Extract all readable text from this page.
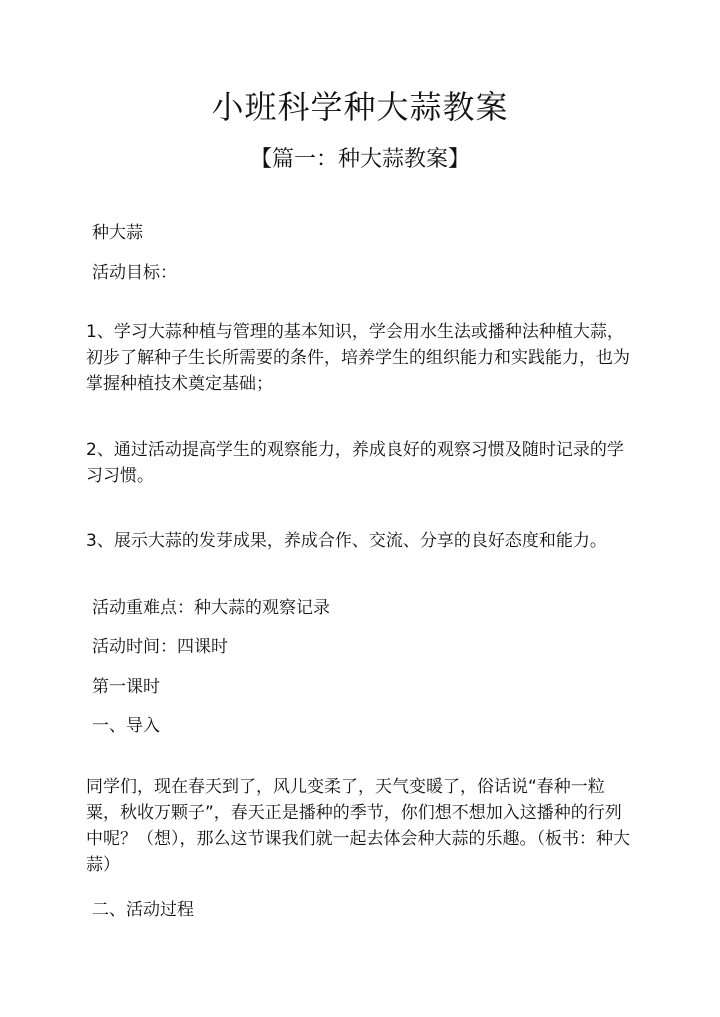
小班科学种大蒜教案
【篇一：种大蒜教案】
种大蒜
活动目标：
1、学习大蒜种植与管理的基本知识，学会用水生法或播种法种植大蒜，初步了解种子生长所需要的条件，培养学生的组织能力和实践能力，也为掌握种植技术奠定基础；
2、通过活动提高学生的观察能力，养成良好的观察习惯及随时记录的学习习惯。
3、展示大蒜的发芽成果，养成合作、交流、分享的良好态度和能力。
活动重难点：种大蒜的观察记录
活动时间：四课时
第一课时
一、导入
同学们，现在春天到了，风儿变柔了，天气变暖了，俗话说“春种一粒粟，秋收万颗子”，春天正是播种的季节，你们想不想加入这播种的行列中呢？（想），那么这节课我们就一起去体会种大蒜的乐趣。（板书：种大蒜）
二、活动过程
